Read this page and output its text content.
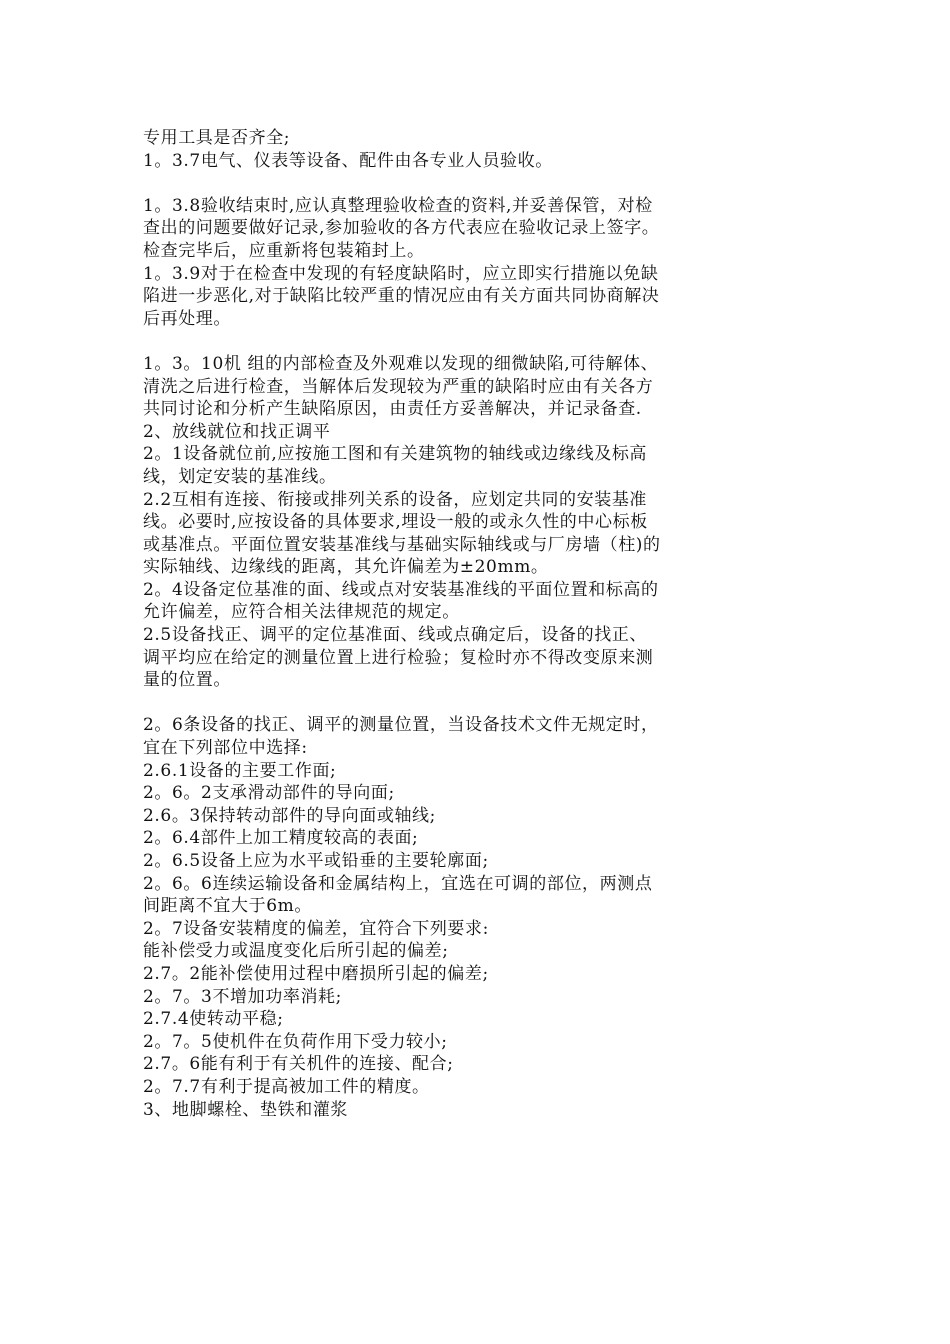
专用工具是否齐全;
1。3.7电气、仪表等设备、配件由各专业人员验收。
1。3.8验收结束时,应认真整理验收检查的资料,并妥善保管，对检
查出的问题要做好记录,参加验收的各方代表应在验收记录上签字。
检查完毕后，应重新将包装箱封上。
1。3.9对于在检查中发现的有轻度缺陷时，应立即实行措施以免缺
陷进一步恶化,对于缺陷比较严重的情况应由有关方面共同协商解决
后再处理。
1。3。10机 组的内部检查及外观难以发现的细微缺陷,可待解体、
清洗之后进行检查，当解体后发现较为严重的缺陷时应由有关各方
共同讨论和分析产生缺陷原因，由责任方妥善解决，并记录备查.
2、放线就位和找正调平
2。1设备就位前,应按施工图和有关建筑物的轴线或边缘线及标高
线，划定安装的基准线。
2.2互相有连接、衔接或排列关系的设备，应划定共同的安装基准
线。必要时,应按设备的具体要求,埋设一般的或永久性的中心标板
或基准点。平面位置安装基准线与基础实际轴线或与厂房墙（柱)的
实际轴线、边缘线的距离，其允许偏差为±20mm。
2。4设备定位基准的面、线或点对安装基准线的平面位置和标高的
允许偏差，应符合相关法律规范的规定。
2.5设备找正、调平的定位基准面、线或点确定后，设备的找正、
调平均应在给定的测量位置上进行检验；复检时亦不得改变原来测
量的位置。
2。6条设备的找正、调平的测量位置，当设备技术文件无规定时，
宜在下列部位中选择:
2.6.1设备的主要工作面;
2。6。2支承滑动部件的导向面;
2.6。3保持转动部件的导向面或轴线;
2。6.4部件上加工精度较高的表面;
2。6.5设备上应为水平或铅垂的主要轮廓面;
2。6。6连续运输设备和金属结构上，宜选在可调的部位，两测点
间距离不宜大于6m。
2。7设备安装精度的偏差，宜符合下列要求:
能补偿受力或温度变化后所引起的偏差;
2.7。2能补偿使用过程中磨损所引起的偏差;
2。7。3不增加功率消耗;
2.7.4使转动平稳;
2。7。5使机件在负荷作用下受力较小;
2.7。6能有利于有关机件的连接、配合;
2。7.7有利于提高被加工件的精度。
3、地脚螺栓、垫铁和灌浆
